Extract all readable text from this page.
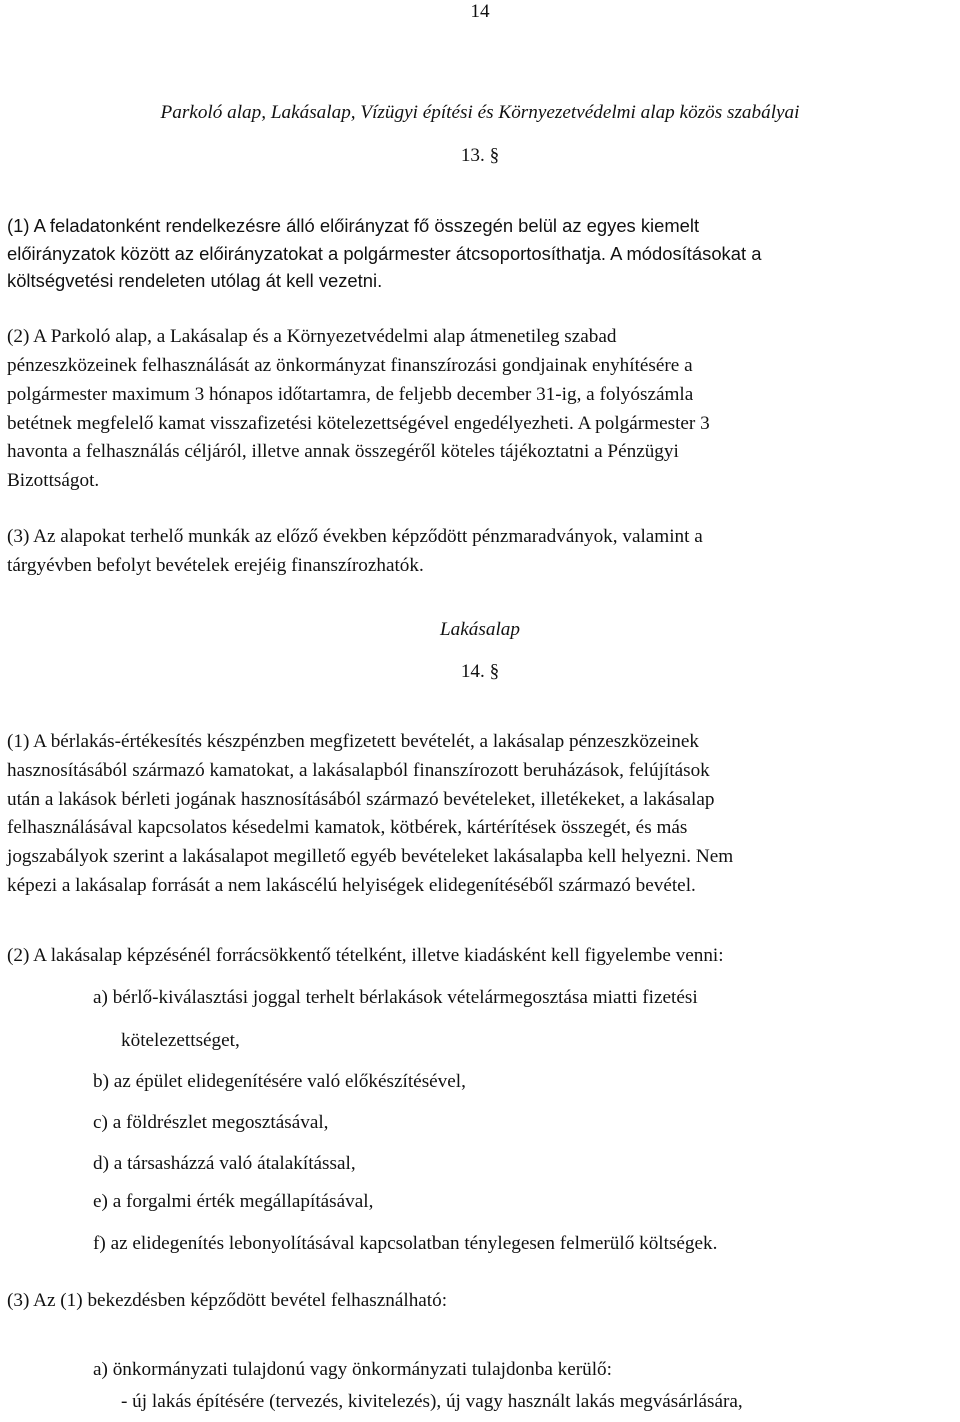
14
Parkoló alap, Lakásalap, Vízügyi építési és Környezetvédelmi alap közös szabályai
13. §
(1) A feladatonként rendelkezésre álló előirányzat fő összegén belül az egyes kiemelt
előirányzatok között az előirányzatokat a polgármester átcsoportosíthatja. A módosításokat a
költségvetési rendeleten utólag át kell vezetni.
(2) A Parkoló alap, a Lakásalap és a Környezetvédelmi alap átmenetileg szabad
pénzeszközeinek felhasználását az önkormányzat finanszírozási gondjainak enyhítésére a
polgármester maximum 3 hónapos időtartamra, de feljebb december 31-ig, a folyószámla
betétnek megfelelő kamat visszafizetési kötelezettségével engedélyezheti. A polgármester 3
havonta a felhasználás céljáról, illetve annak összegéről köteles tájékoztatni a Pénzügyi
Bizottságot.
(3) Az alapokat terhelő munkák az előző években képződött pénzmaradványok, valamint a
tárgyévben befolyt bevételek erejéig finanszírozhatók.
Lakásalap
14. §
(1) A bérlakás-értékesítés készpénzben megfizetett bevételét, a lakásalap pénzeszközeinek
hasznosításából származó kamatokat, a lakásalapból finanszírozott beruházások, felújítások
után a lakások bérleti jogának hasznosításából származó bevételeket, illetékeket, a lakásalap
felhasználásával kapcsolatos késedelmi kamatok, kötbérek, kártérítések összegét, és más
jogszabályok szerint a lakásalapot megillető egyéb bevételeket lakásalapba kell helyezni. Nem
képezi a lakásalap forrását a nem lakáscélú helyiségek elidegenítéséből származó bevétel.
(2) A lakásalap képzésénél forrácsökkentő tételként, illetve kiadásként kell figyelembe venni:
a) bérlő-kiválasztási joggal terhelt bérlakások vételármegosztása miatti fizetési
kötelezettséget,
b) az épület elidegenítésére való előkészítésével,
c) a földrészlet megosztásával,
d) a társasházzá való átalakítással,
e) a forgalmi érték megállapításával,
f) az elidegenítés lebonyolításával kapcsolatban ténylegesen felmerülő költségek.
(3) Az (1) bekezdésben képződött bevétel felhasználható:
a) önkormányzati tulajdonú vagy önkormányzati tulajdonba kerülő:
- új lakás építésére (tervezés, kivitelezés), új vagy használt lakás megvásárlására,
